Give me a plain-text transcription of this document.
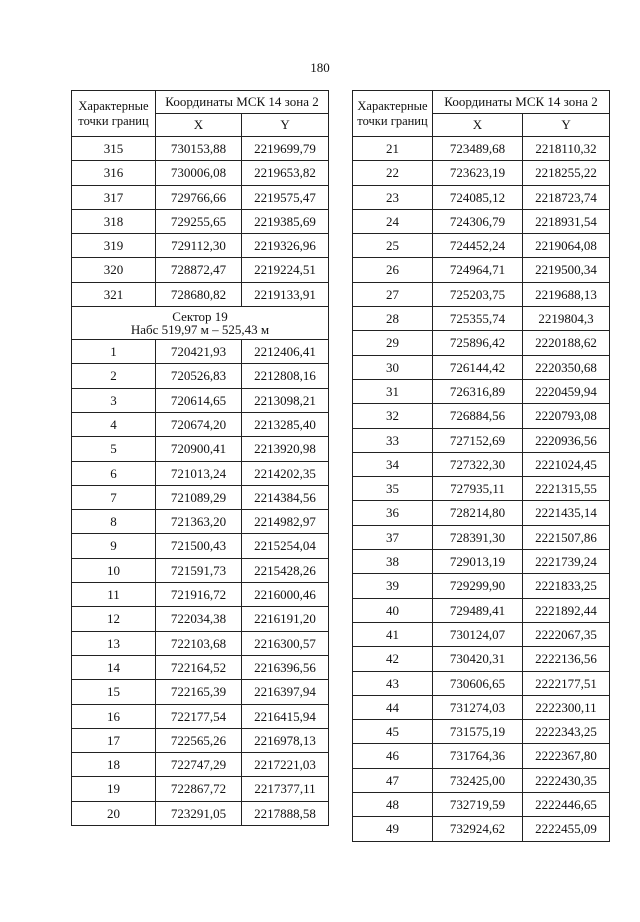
180
Характерные точки границ	Координаты МСК 14 зона 2	
	X	Y
315	730153,88	2219699,79
316	730006,08	2219653,82
317	729766,66	2219575,47
318	729255,65	2219385,69
319	729112,30	2219326,96
320	728872,47	2219224,51
321	728680,82	2219133,91

Сектор 19
Набс 519,97 м – 525,43 м		

1	720421,93	2212406,41
2	720526,83	2212808,16
3	720614,65	2213098,21
4	720674,20	2213285,40
5	720900,41	2213920,98
6	721013,24	2214202,35
7	721089,29	2214384,56
8	721363,20	2214982,97
9	721500,43	2215254,04
10	721591,73	2215428,26
11	721916,72	2216000,46
12	722034,38	2216191,20
13	722103,68	2216300,57
14	722164,52	2216396,56
15	722165,39	2216397,94
16	722177,54	2216415,94
17	722565,26	2216978,13
18	722747,29	2217221,03
19	722867,72	2217377,11
20	723291,05	2217888,58
Характерные точки границ	Координаты МСК 14 зона 2	
	X	Y
21	723489,68	2218110,32
22	723623,19	2218255,22
23	724085,12	2218723,74
24	724306,79	2218931,54
25	724452,24	2219064,08
26	724964,71	2219500,34
27	725203,75	2219688,13
28	725355,74	2219804,3
29	725896,42	2220188,62
30	726144,42	2220350,68
31	726316,89	2220459,94
32	726884,56	2220793,08
33	727152,69	2220936,56
34	727322,30	2221024,45
35	727935,11	2221315,55
36	728214,80	2221435,14
37	728391,30	2221507,86
38	729013,19	2221739,24
39	729299,90	2221833,25
40	729489,41	2221892,44
41	730124,07	2222067,35
42	730420,31	2222136,56
43	730606,65	2222177,51
44	731274,03	2222300,11
45	731575,19	2222343,25
46	731764,36	2222367,80
47	732425,00	2222430,35
48	732719,59	2222446,65
49	732924,62	2222455,09
